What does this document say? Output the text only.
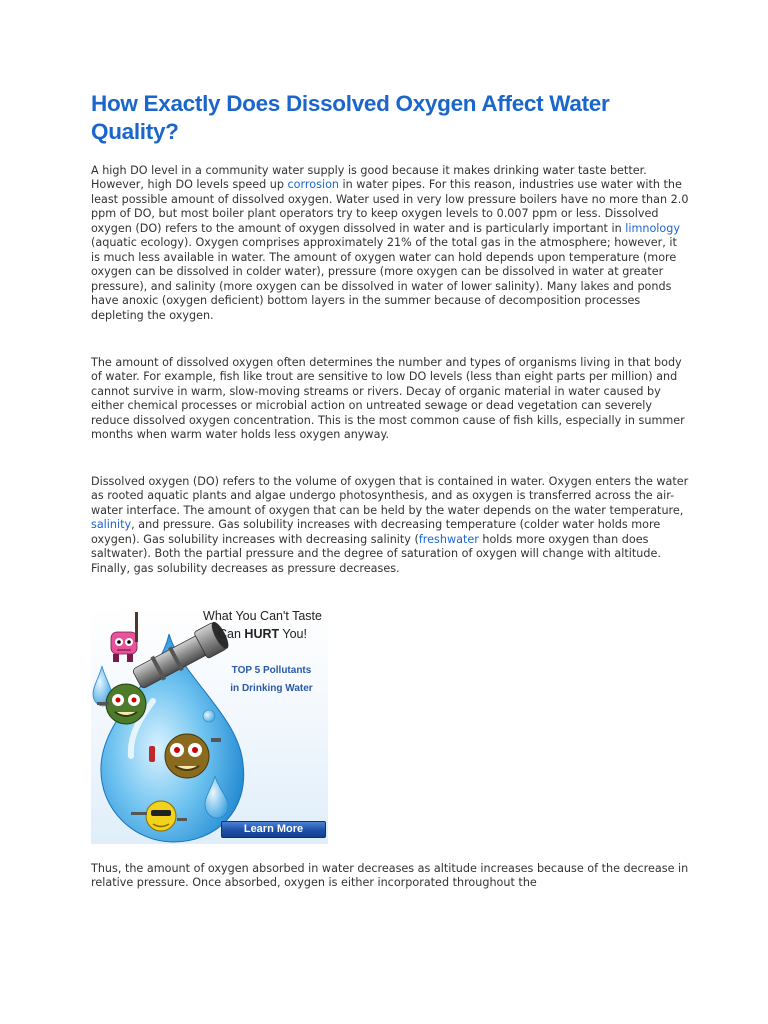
How Exactly Does Dissolved Oxygen Affect Water Quality?

A high DO level in a community water supply is good because it makes drinking water taste better. However, high DO levels speed up corrosion in water pipes. For this reason, industries use water with the least possible amount of dissolved oxygen. Water used in very low pressure boilers have no more than 2.0 ppm of DO, but most boiler plant operators try to keep oxygen levels to 0.007 ppm or less. Dissolved oxygen (DO) refers to the amount of oxygen dissolved in water and is particularly important in limnology (aquatic ecology). Oxygen comprises approximately 21% of the total gas in the atmosphere; however, it is much less available in water. The amount of oxygen water can hold depends upon temperature (more oxygen can be dissolved in colder water), pressure (more oxygen can be dissolved in water at greater pressure), and salinity (more oxygen can be dissolved in water of lower salinity). Many lakes and ponds have anoxic (oxygen deficient) bottom layers in the summer because of decomposition processes depleting the oxygen.

The amount of dissolved oxygen often determines the number and types of organisms living in that body of water. For example, fish like trout are sensitive to low DO levels (less than eight parts per million) and cannot survive in warm, slow-moving streams or rivers. Decay of organic material in water caused by either chemical processes or microbial action on untreated sewage or dead vegetation can severely reduce dissolved oxygen concentration. This is the most common cause of fish kills, especially in summer months when warm water holds less oxygen anyway.

Dissolved oxygen (DO) refers to the volume of oxygen that is contained in water. Oxygen enters the water as rooted aquatic plants and algae undergo photosynthesis, and as oxygen is transferred across the air-water interface. The amount of oxygen that can be held by the water depends on the water temperature, salinity, and pressure. Gas solubility increases with decreasing temperature (colder water holds more oxygen). Gas solubility increases with decreasing salinity (freshwater holds more oxygen than does saltwater). Both the partial pressure and the degree of saturation of oxygen will change with altitude. Finally, gas solubility decreases as pressure decreases.

What You Can't Taste
Can HURT You!
TOP 5 Pollutants
in Drinking Water
Learn More

Thus, the amount of oxygen absorbed in water decreases as altitude increases because of the decrease in relative pressure. Once absorbed, oxygen is either incorporated throughout the
